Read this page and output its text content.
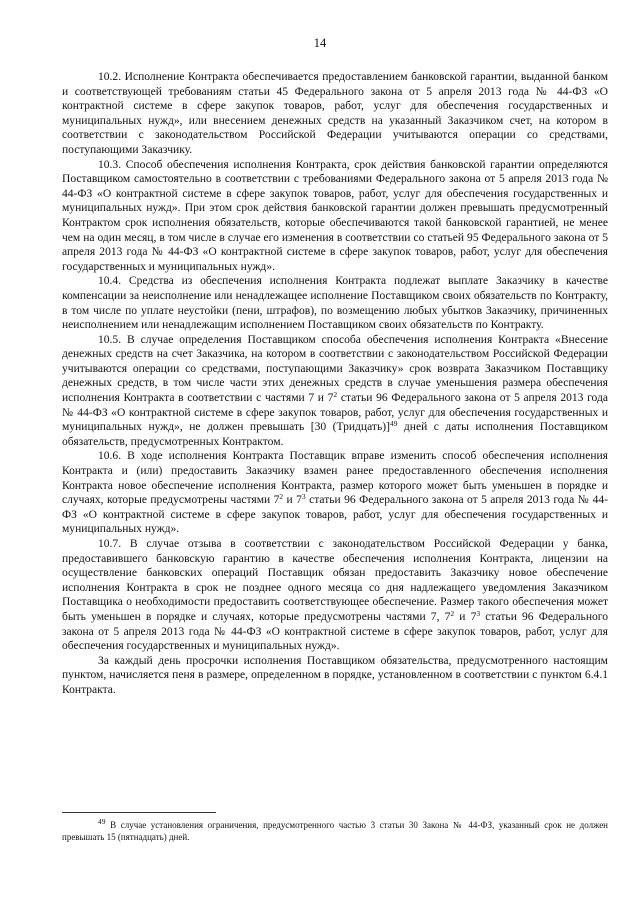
14

10.2. Исполнение Контракта обеспечивается предоставлением банковской гарантии, выданной банком и соответствующей требованиям статьи 45 Федерального закона от 5 апреля 2013 года № 44-ФЗ «О контрактной системе в сфере закупок товаров, работ, услуг для обеспечения государственных и муниципальных нужд», или внесением денежных средств на указанный Заказчиком счет, на котором в соответствии с законодательством Российской Федерации учитываются операции со средствами, поступающими Заказчику.

10.3. Способ обеспечения исполнения Контракта, срок действия банковской гарантии определяются Поставщиком самостоятельно в соответствии с требованиями Федерального закона от 5 апреля 2013 года № 44-ФЗ «О контрактной системе в сфере закупок товаров, работ, услуг для обеспечения государственных и муниципальных нужд». При этом срок действия банковской гарантии должен превышать предусмотренный Контрактом срок исполнения обязательств, которые обеспечиваются такой банковской гарантией, не менее чем на один месяц, в том числе в случае его изменения в соответствии со статьей 95 Федерального закона от 5 апреля 2013 года № 44-ФЗ «О контрактной системе в сфере закупок товаров, работ, услуг для обеспечения государственных и муниципальных нужд».

10.4. Средства из обеспечения исполнения Контракта подлежат выплате Заказчику в качестве компенсации за неисполнение или ненадлежащее исполнение Поставщиком своих обязательств по Контракту, в том числе по уплате неустойки (пени, штрафов), по возмещению любых убытков Заказчику, причиненных неисполнением или ненадлежащим исполнением Поставщиком своих обязательств по Контракту.

10.5. В случае определения Поставщиком способа обеспечения исполнения Контракта «Внесение денежных средств на счет Заказчика, на котором в соответствии с законодательством Российской Федерации учитываются операции со средствами, поступающими Заказчику» срок возврата Заказчиком Поставщику денежных средств, в том числе части этих денежных средств в случае уменьшения размера обеспечения исполнения Контракта в соответствии с частями 7 и $7^2$ статьи 96 Федерального закона от 5 апреля 2013 года № 44-ФЗ «О контрактной системе в сфере закупок товаров, работ, услуг для обеспечения государственных и муниципальных нужд», не должен превышать [30 (Тридцать)]$^{49}$ дней с даты исполнения Поставщиком обязательств, предусмотренных Контрактом.

10.6. В ходе исполнения Контракта Поставщик вправе изменить способ обеспечения исполнения Контракта и (или) предоставить Заказчику взамен ранее предоставленного обеспечения исполнения Контракта новое обеспечение исполнения Контракта, размер которого может быть уменьшен в порядке и случаях, которые предусмотрены частями $7^2$ и $7^3$ статьи 96 Федерального закона от 5 апреля 2013 года № 44-ФЗ «О контрактной системе в сфере закупок товаров, работ, услуг для обеспечения государственных и муниципальных нужд».

10.7. В случае отзыва в соответствии с законодательством Российской Федерации у банка, предоставившего банковскую гарантию в качестве обеспечения исполнения Контракта, лицензии на осуществление банковских операций Поставщик обязан предоставить Заказчику новое обеспечение исполнения Контракта в срок не позднее одного месяца со дня надлежащего уведомления Заказчиком Поставщика о необходимости предоставить соответствующее обеспечение. Размер такого обеспечения может быть уменьшен в порядке и случаях, которые предусмотрены частями 7, $7^2$ и $7^3$ статьи 96 Федерального закона от 5 апреля 2013 года № 44-ФЗ «О контрактной системе в сфере закупок товаров, работ, услуг для обеспечения государственных и муниципальных нужд».

За каждый день просрочки исполнения Поставщиком обязательства, предусмотренного настоящим пунктом, начисляется пеня в размере, определенном в порядке, установленном в соответствии с пунктом 6.4.1 Контракта.

$^{49}$ В случае установления ограничения, предусмотренного частью 3 статьи 30 Закона № 44-ФЗ, указанный срок не должен превышать 15 (пятнадцать) дней.
